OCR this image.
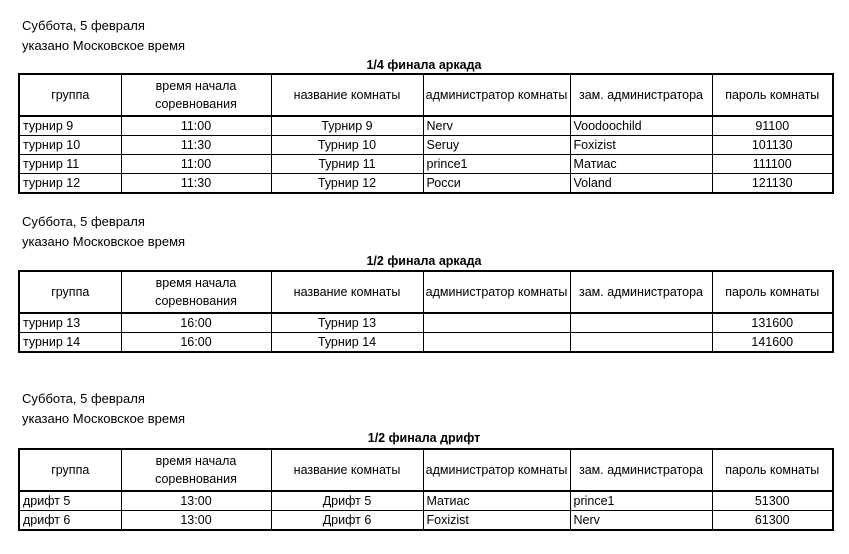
Суббота, 5 февраля
указано Московское время
1/4 финала аркада
группа	время начала соревнования	название комнаты	администратор комнаты	зам. администратора	пароль комнаты
турнир 9	11:00	Турнир 9	Nerv	Voodoochild	91100
турнир 10	11:30	Турнир 10	Seruy	Foxizist	101130
турнир 11	11:00	Турнир 11	prince1	Матиас	111100
турнир 12	11:30	Турнир 12	Росси	Voland	121130
Суббота, 5 февраля
указано Московское время
1/2 финала аркада
группа	время начала соревнования	название комнаты	администратор комнаты	зам. администратора	пароль комнаты
турнир 13	16:00	Турнир 13			131600
турнир 14	16:00	Турнир 14			141600
Суббота, 5 февраля
указано Московское время
1/2 финала дрифт
группа	время начала соревнования	название комнаты	администратор комнаты	зам. администратора	пароль комнаты
дрифт 5	13:00	Дрифт 5	Матиас	prince1	51300
дрифт 6	13:00	Дрифт 6	Foxizist	Nerv	61300
